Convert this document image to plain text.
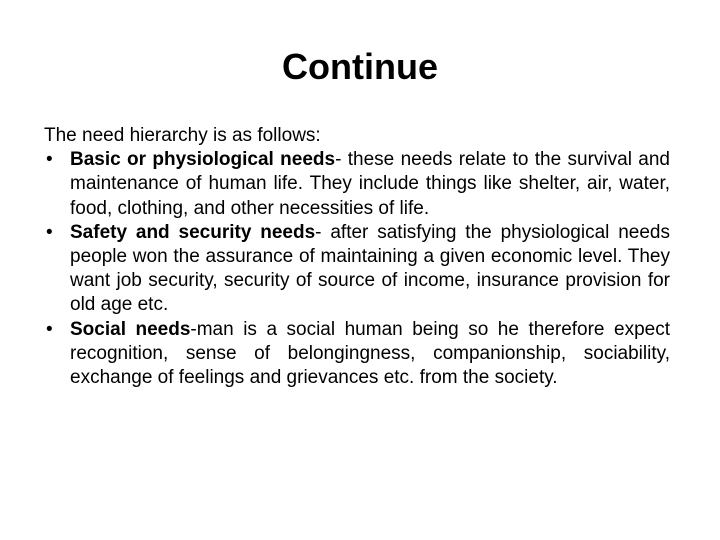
Continue

The need hierarchy is as follows:

• Basic or physiological needs- these needs relate to the survival and maintenance of human life. They include things like shelter, air, water, food, clothing, and other necessities of life.
• Safety and security needs- after satisfying the physiological needs people won the assurance of maintaining a given economic level. They want job security, security of source of income, insurance provision for old age etc.
• Social needs-man is a social human being so he therefore expect recognition, sense of belongingness, companionship, sociability, exchange of feelings and grievances etc. from the society.
